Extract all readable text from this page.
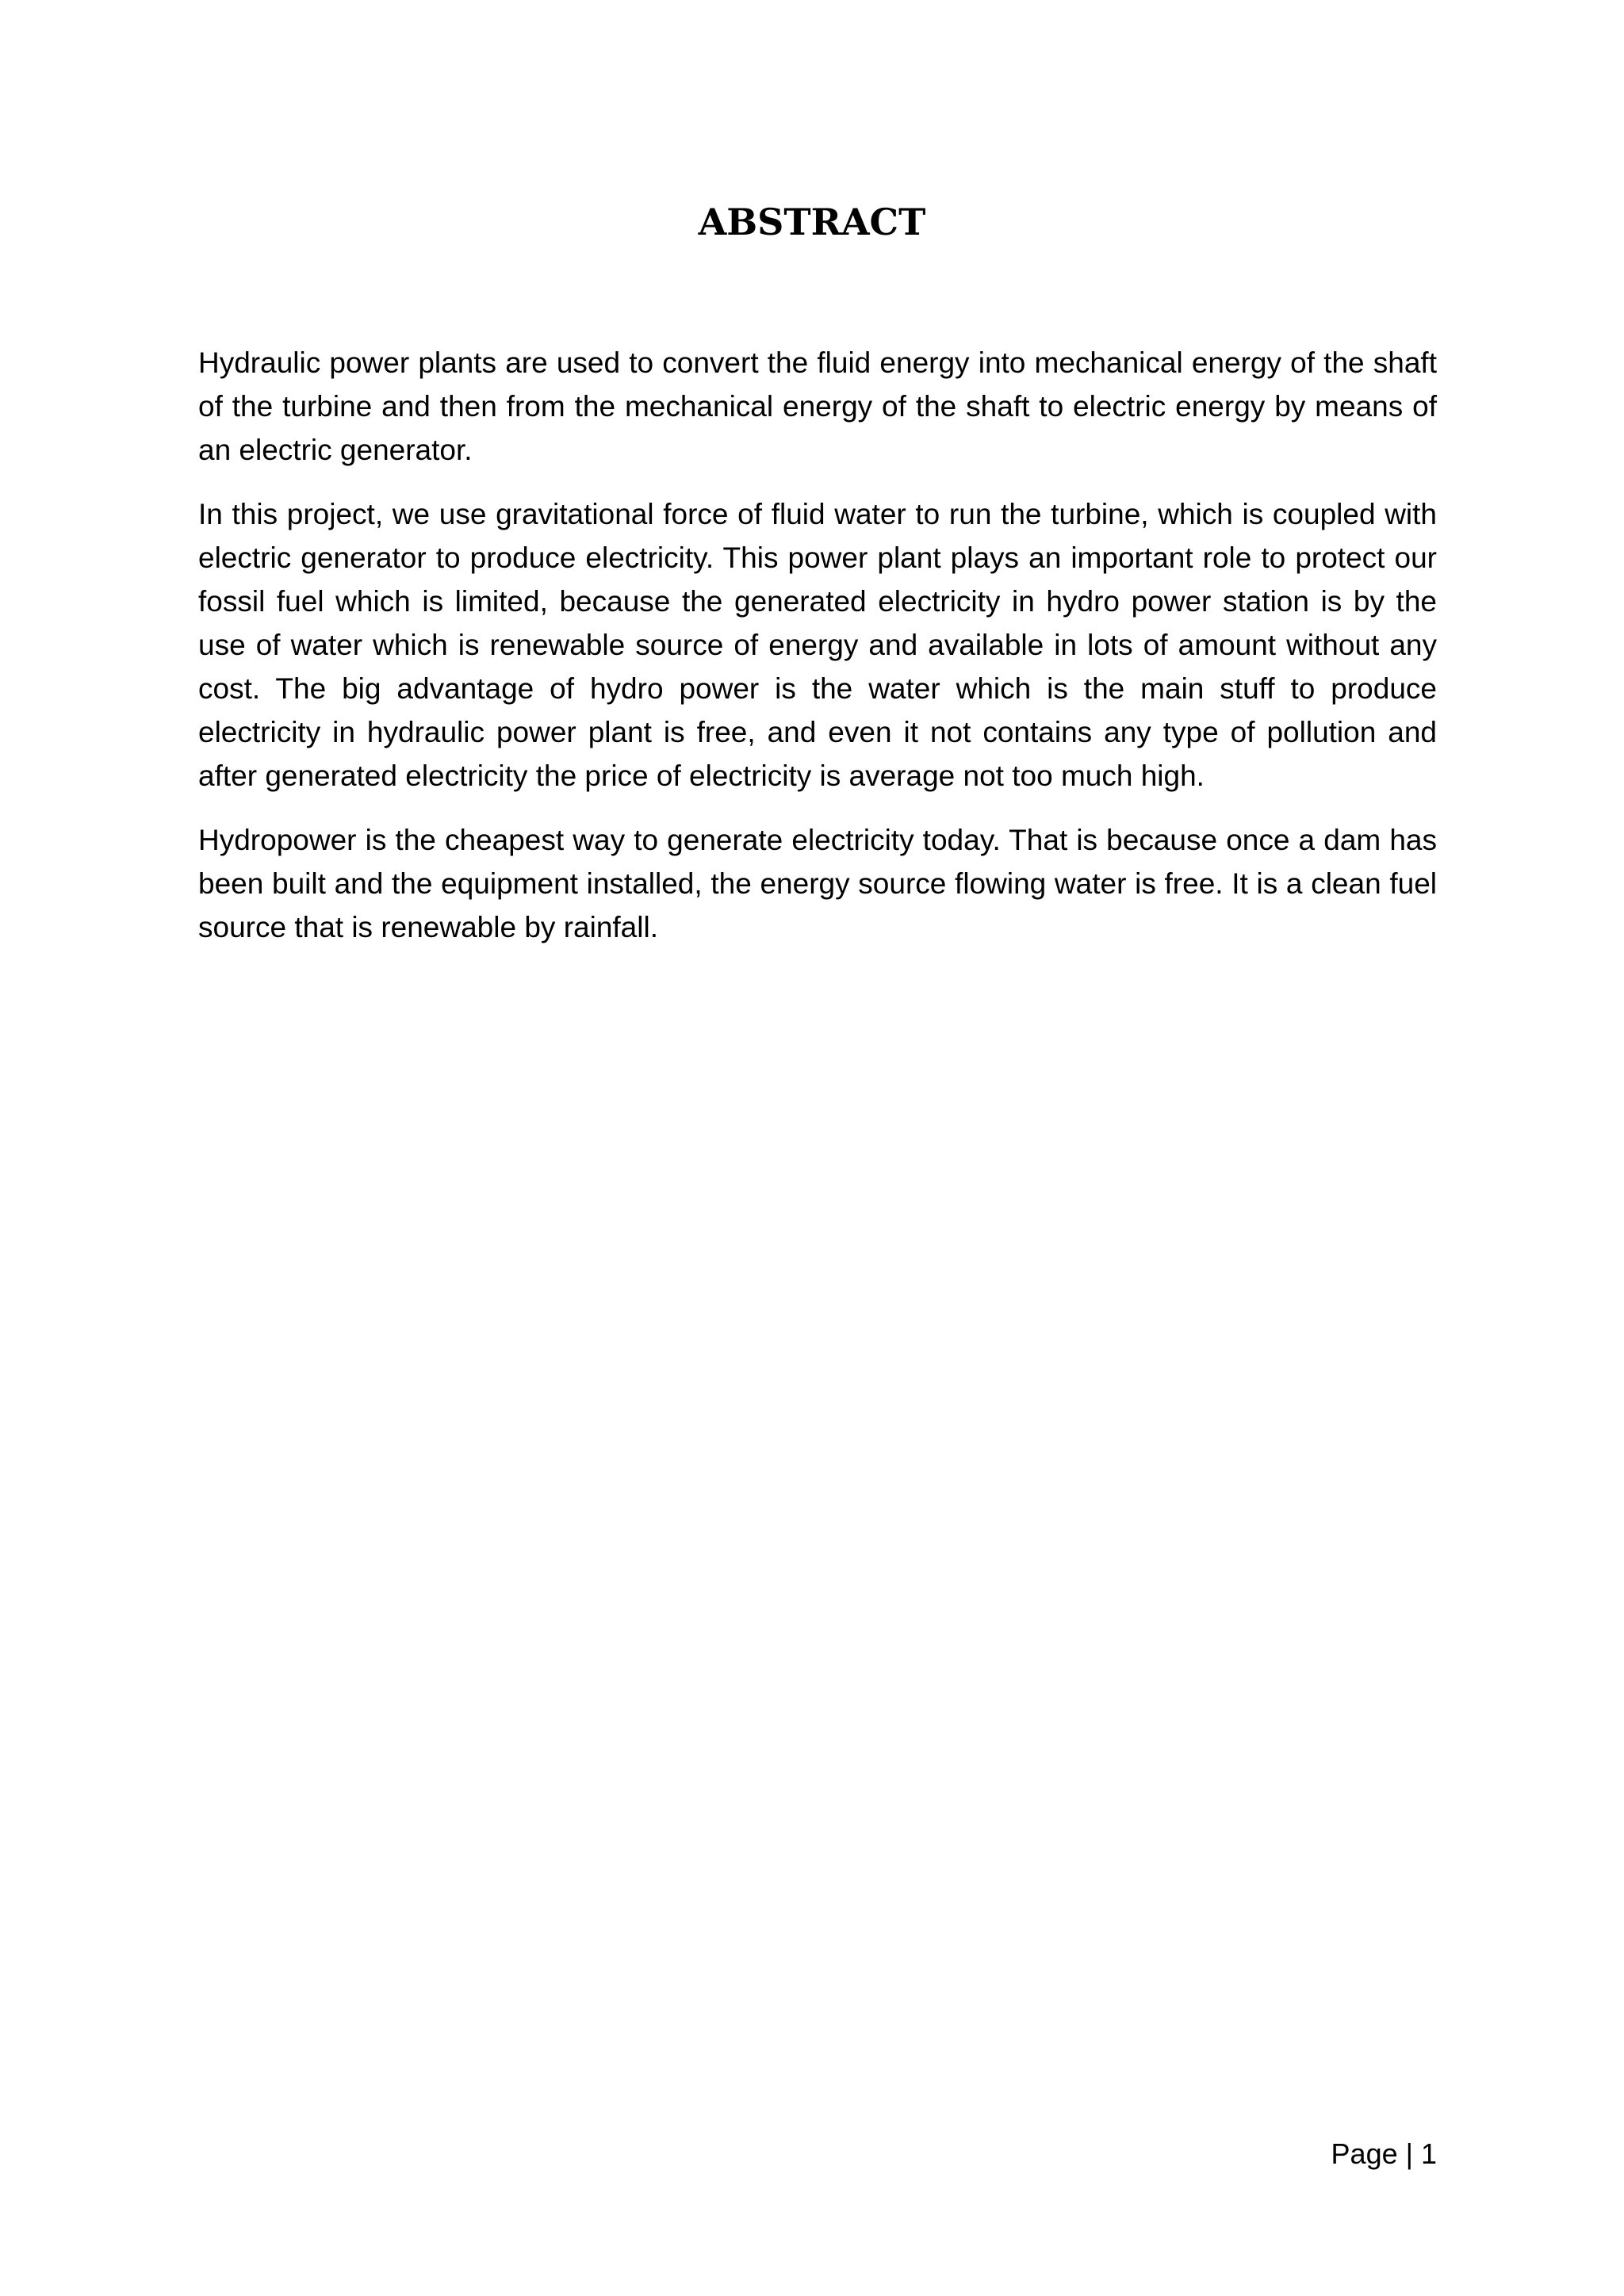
ABSTRACT

Hydraulic power plants are used to convert the fluid energy into mechanical energy of the shaft of the turbine and then from the mechanical energy of the shaft to electric energy by means of an electric generator.

In this project, we use gravitational force of fluid water to run the turbine, which is coupled with electric generator to produce electricity. This power plant plays an important role to protect our fossil fuel which is limited, because the generated electricity in hydro power station is by the use of water which is renewable source of energy and available in lots of amount without any cost. The big advantage of hydro power is the water which is the main stuff to produce electricity in hydraulic power plant is free, and even it not contains any type of pollution and after generated electricity the price of electricity is average not too much high.

Hydropower is the cheapest way to generate electricity today. That is because once a dam has been built and the equipment installed, the energy source flowing water is free. It is a clean fuel source that is renewable by rainfall.

Page | 1
